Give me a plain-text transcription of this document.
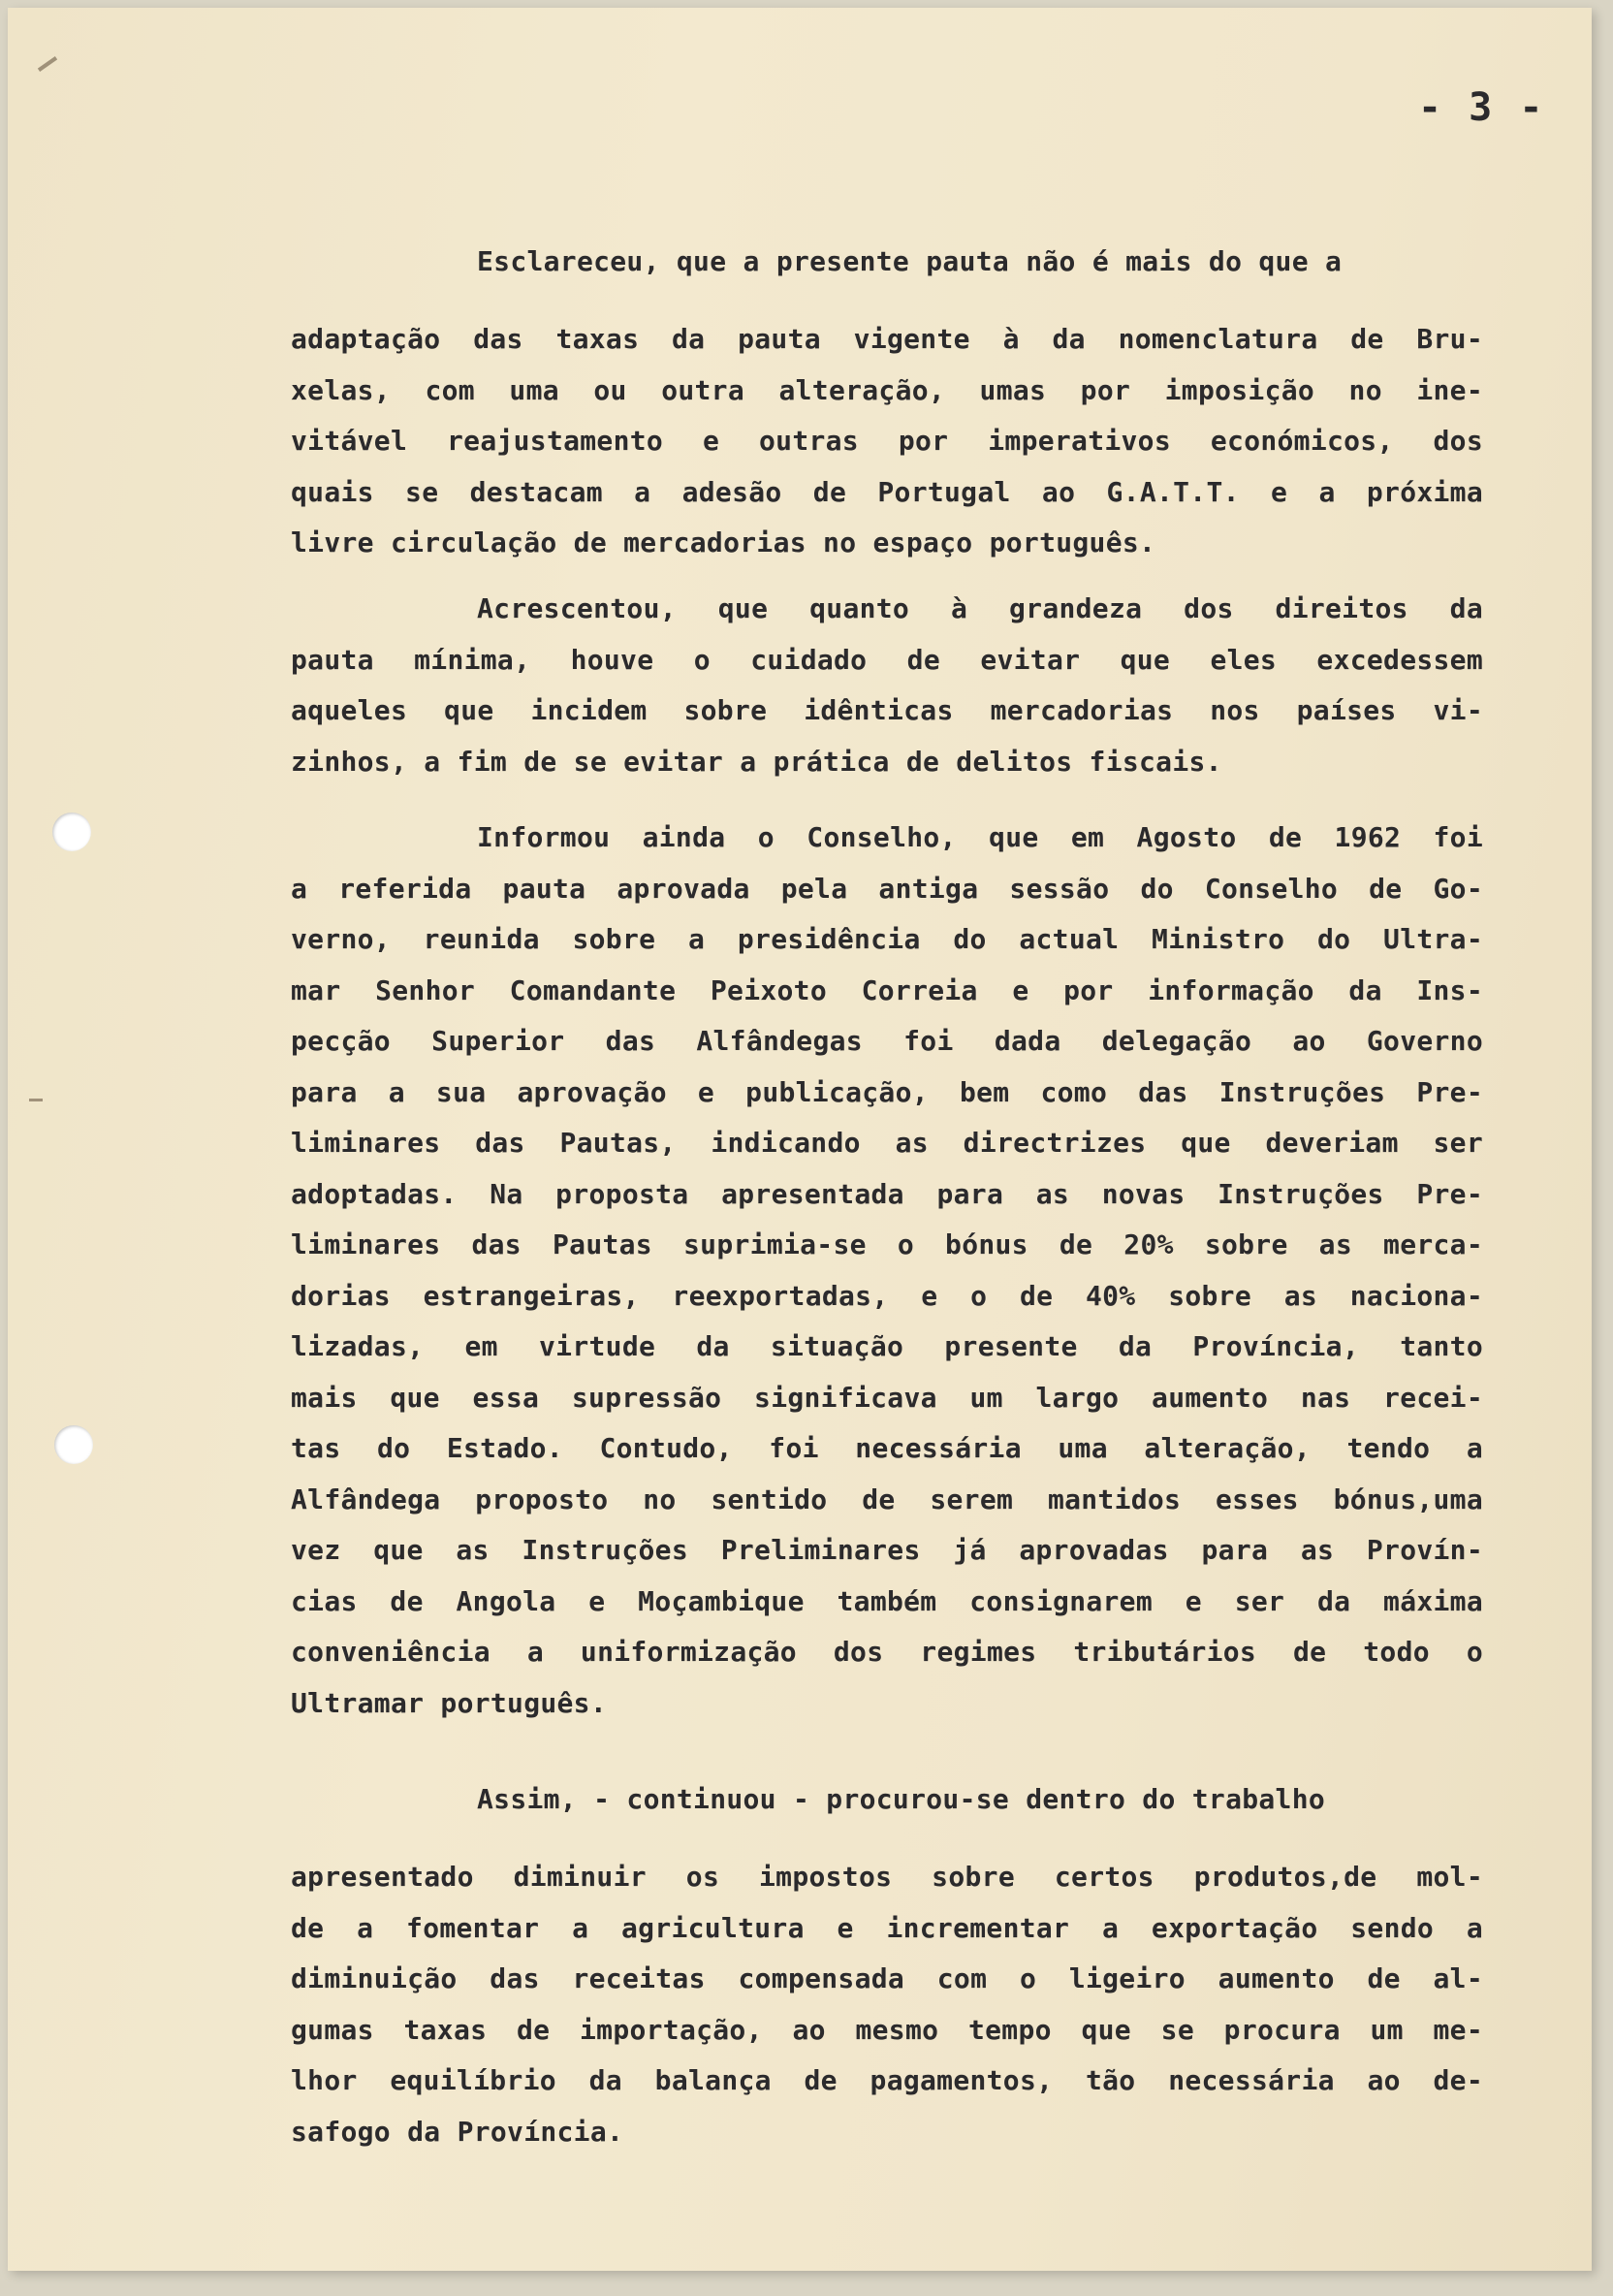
- 3 -
Esclareceu, que a presente pauta não é mais do que a
adaptação das taxas da pauta vigente à da nomenclatura de Bru-
xelas, com uma ou outra alteração, umas por imposição no ine-
vitável reajustamento e outras por imperativos económicos, dos
quais se destacam a adesão de Portugal ao G.A.T.T. e a próxima
livre circulação de mercadorias no espaço português.
Acrescentou, que quanto à grandeza dos direitos da
pauta mínima, houve o cuidado de evitar que eles excedessem
aqueles que incidem sobre idênticas mercadorias nos países vi-
zinhos, a fim de se evitar a prática de delitos fiscais.
Informou ainda o Conselho, que em Agosto de 1962 foi
a referida pauta aprovada pela antiga sessão do Conselho de Go-
verno, reunida sobre a presidência do actual Ministro do Ultra-
mar Senhor Comandante Peixoto Correia e por informação da Ins-
pecção Superior das Alfândegas foi dada delegação ao Governo
para a sua aprovação e publicação, bem como das Instruções Pre-
liminares das Pautas, indicando as directrizes que deveriam ser
adoptadas. Na proposta apresentada para as novas Instruções Pre-
liminares das Pautas suprimia-se o bónus de 20% sobre as merca-
dorias estrangeiras, reexportadas, e o de 40% sobre as naciona-
lizadas, em virtude da situação presente da Província, tanto
mais que essa supressão significava um largo aumento nas recei-
tas do Estado. Contudo, foi necessária uma alteração, tendo a
Alfândega proposto no sentido de serem mantidos esses bónus,uma
vez que as Instruções Preliminares já aprovadas para as Provín-
cias de Angola e Moçambique também consignarem e ser da máxima
conveniência a uniformização dos regimes tributários de todo o
Ultramar português.
Assim, - continuou - procurou-se dentro do trabalho
apresentado diminuir os impostos sobre certos produtos,de mol-
de a fomentar a agricultura e incrementar a exportação sendo a
diminuição das receitas compensada com o ligeiro aumento de al-
gumas taxas de importação, ao mesmo tempo que se procura um me-
lhor equilíbrio da balança de pagamentos, tão necessária ao de-
safogo da Província.
